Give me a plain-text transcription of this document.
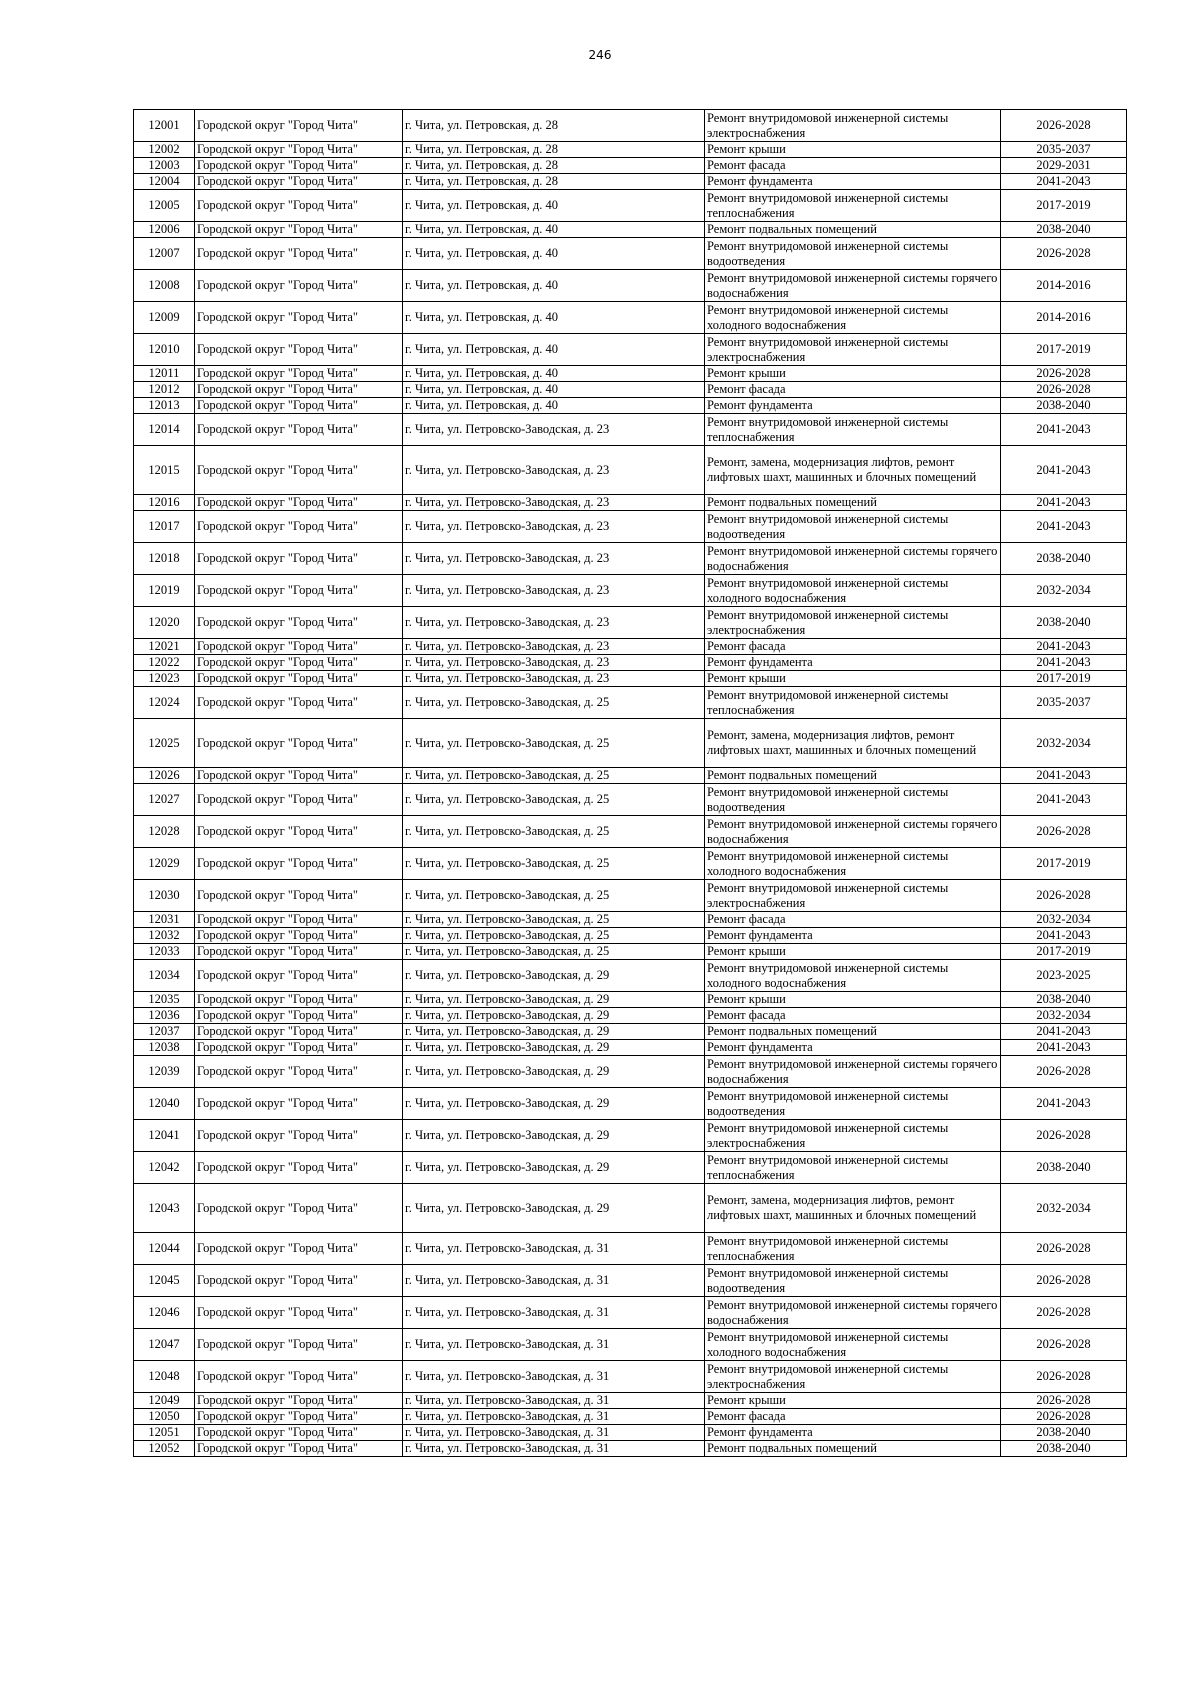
246
12001	Городской округ "Город Чита"	г. Чита, ул. Петровская, д. 28	Ремонт внутридомовой инженерной системы электроснабжения	2026-2028
12002	Городской округ "Город Чита"	г. Чита, ул. Петровская, д. 28	Ремонт крыши	2035-2037
12003	Городской округ "Город Чита"	г. Чита, ул. Петровская, д. 28	Ремонт фасада	2029-2031
12004	Городской округ "Город Чита"	г. Чита, ул. Петровская, д. 28	Ремонт фундамента	2041-2043
12005	Городской округ "Город Чита"	г. Чита, ул. Петровская, д. 40	Ремонт внутридомовой инженерной системы теплоснабжения	2017-2019
12006	Городской округ "Город Чита"	г. Чита, ул. Петровская, д. 40	Ремонт подвальных помещений	2038-2040
12007	Городской округ "Город Чита"	г. Чита, ул. Петровская, д. 40	Ремонт внутридомовой инженерной системы водоотведения	2026-2028
12008	Городской округ "Город Чита"	г. Чита, ул. Петровская, д. 40	Ремонт внутридомовой инженерной системы горячего водоснабжения	2014-2016
12009	Городской округ "Город Чита"	г. Чита, ул. Петровская, д. 40	Ремонт внутридомовой инженерной системы холодного водоснабжения	2014-2016
12010	Городской округ "Город Чита"	г. Чита, ул. Петровская, д. 40	Ремонт внутридомовой инженерной системы электроснабжения	2017-2019
12011	Городской округ "Город Чита"	г. Чита, ул. Петровская, д. 40	Ремонт крыши	2026-2028
12012	Городской округ "Город Чита"	г. Чита, ул. Петровская, д. 40	Ремонт фасада	2026-2028
12013	Городской округ "Город Чита"	г. Чита, ул. Петровская, д. 40	Ремонт фундамента	2038-2040
12014	Городской округ "Город Чита"	г. Чита, ул. Петровско-Заводская, д. 23	Ремонт внутридомовой инженерной системы теплоснабжения	2041-2043
12015	Городской округ "Город Чита"	г. Чита, ул. Петровско-Заводская, д. 23	Ремонт, замена, модернизация лифтов, ремонт лифтовых шахт, машинных и блочных помещений	2041-2043
12016	Городской округ "Город Чита"	г. Чита, ул. Петровско-Заводская, д. 23	Ремонт подвальных помещений	2041-2043
12017	Городской округ "Город Чита"	г. Чита, ул. Петровско-Заводская, д. 23	Ремонт внутридомовой инженерной системы водоотведения	2041-2043
12018	Городской округ "Город Чита"	г. Чита, ул. Петровско-Заводская, д. 23	Ремонт внутридомовой инженерной системы горячего водоснабжения	2038-2040
12019	Городской округ "Город Чита"	г. Чита, ул. Петровско-Заводская, д. 23	Ремонт внутридомовой инженерной системы холодного водоснабжения	2032-2034
12020	Городской округ "Город Чита"	г. Чита, ул. Петровско-Заводская, д. 23	Ремонт внутридомовой инженерной системы электроснабжения	2038-2040
12021	Городской округ "Город Чита"	г. Чита, ул. Петровско-Заводская, д. 23	Ремонт фасада	2041-2043
12022	Городской округ "Город Чита"	г. Чита, ул. Петровско-Заводская, д. 23	Ремонт фундамента	2041-2043
12023	Городской округ "Город Чита"	г. Чита, ул. Петровско-Заводская, д. 23	Ремонт крыши	2017-2019
12024	Городской округ "Город Чита"	г. Чита, ул. Петровско-Заводская, д. 25	Ремонт внутридомовой инженерной системы теплоснабжения	2035-2037
12025	Городской округ "Город Чита"	г. Чита, ул. Петровско-Заводская, д. 25	Ремонт, замена, модернизация лифтов, ремонт лифтовых шахт, машинных и блочных помещений	2032-2034
12026	Городской округ "Город Чита"	г. Чита, ул. Петровско-Заводская, д. 25	Ремонт подвальных помещений	2041-2043
12027	Городской округ "Город Чита"	г. Чита, ул. Петровско-Заводская, д. 25	Ремонт внутридомовой инженерной системы водоотведения	2041-2043
12028	Городской округ "Город Чита"	г. Чита, ул. Петровско-Заводская, д. 25	Ремонт внутридомовой инженерной системы горячего водоснабжения	2026-2028
12029	Городской округ "Город Чита"	г. Чита, ул. Петровско-Заводская, д. 25	Ремонт внутридомовой инженерной системы холодного водоснабжения	2017-2019
12030	Городской округ "Город Чита"	г. Чита, ул. Петровско-Заводская, д. 25	Ремонт внутридомовой инженерной системы электроснабжения	2026-2028
12031	Городской округ "Город Чита"	г. Чита, ул. Петровско-Заводская, д. 25	Ремонт фасада	2032-2034
12032	Городской округ "Город Чита"	г. Чита, ул. Петровско-Заводская, д. 25	Ремонт фундамента	2041-2043
12033	Городской округ "Город Чита"	г. Чита, ул. Петровско-Заводская, д. 25	Ремонт крыши	2017-2019
12034	Городской округ "Город Чита"	г. Чита, ул. Петровско-Заводская, д. 29	Ремонт внутридомовой инженерной системы холодного водоснабжения	2023-2025
12035	Городской округ "Город Чита"	г. Чита, ул. Петровско-Заводская, д. 29	Ремонт крыши	2038-2040
12036	Городской округ "Город Чита"	г. Чита, ул. Петровско-Заводская, д. 29	Ремонт фасада	2032-2034
12037	Городской округ "Город Чита"	г. Чита, ул. Петровско-Заводская, д. 29	Ремонт подвальных помещений	2041-2043
12038	Городской округ "Город Чита"	г. Чита, ул. Петровско-Заводская, д. 29	Ремонт фундамента	2041-2043
12039	Городской округ "Город Чита"	г. Чита, ул. Петровско-Заводская, д. 29	Ремонт внутридомовой инженерной системы горячего водоснабжения	2026-2028
12040	Городской округ "Город Чита"	г. Чита, ул. Петровско-Заводская, д. 29	Ремонт внутридомовой инженерной системы водоотведения	2041-2043
12041	Городской округ "Город Чита"	г. Чита, ул. Петровско-Заводская, д. 29	Ремонт внутридомовой инженерной системы электроснабжения	2026-2028
12042	Городской округ "Город Чита"	г. Чита, ул. Петровско-Заводская, д. 29	Ремонт внутридомовой инженерной системы теплоснабжения	2038-2040
12043	Городской округ "Город Чита"	г. Чита, ул. Петровско-Заводская, д. 29	Ремонт, замена, модернизация лифтов, ремонт лифтовых шахт, машинных и блочных помещений	2032-2034
12044	Городской округ "Город Чита"	г. Чита, ул. Петровско-Заводская, д. 31	Ремонт внутридомовой инженерной системы теплоснабжения	2026-2028
12045	Городской округ "Город Чита"	г. Чита, ул. Петровско-Заводская, д. 31	Ремонт внутридомовой инженерной системы водоотведения	2026-2028
12046	Городской округ "Город Чита"	г. Чита, ул. Петровско-Заводская, д. 31	Ремонт внутридомовой инженерной системы горячего водоснабжения	2026-2028
12047	Городской округ "Город Чита"	г. Чита, ул. Петровско-Заводская, д. 31	Ремонт внутридомовой инженерной системы холодного водоснабжения	2026-2028
12048	Городской округ "Город Чита"	г. Чита, ул. Петровско-Заводская, д. 31	Ремонт внутридомовой инженерной системы электроснабжения	2026-2028
12049	Городской округ "Город Чита"	г. Чита, ул. Петровско-Заводская, д. 31	Ремонт крыши	2026-2028
12050	Городской округ "Город Чита"	г. Чита, ул. Петровско-Заводская, д. 31	Ремонт фасада	2026-2028
12051	Городской округ "Город Чита"	г. Чита, ул. Петровско-Заводская, д. 31	Ремонт фундамента	2038-2040
12052	Городской округ "Город Чита"	г. Чита, ул. Петровско-Заводская, д. 31	Ремонт подвальных помещений	2038-2040
